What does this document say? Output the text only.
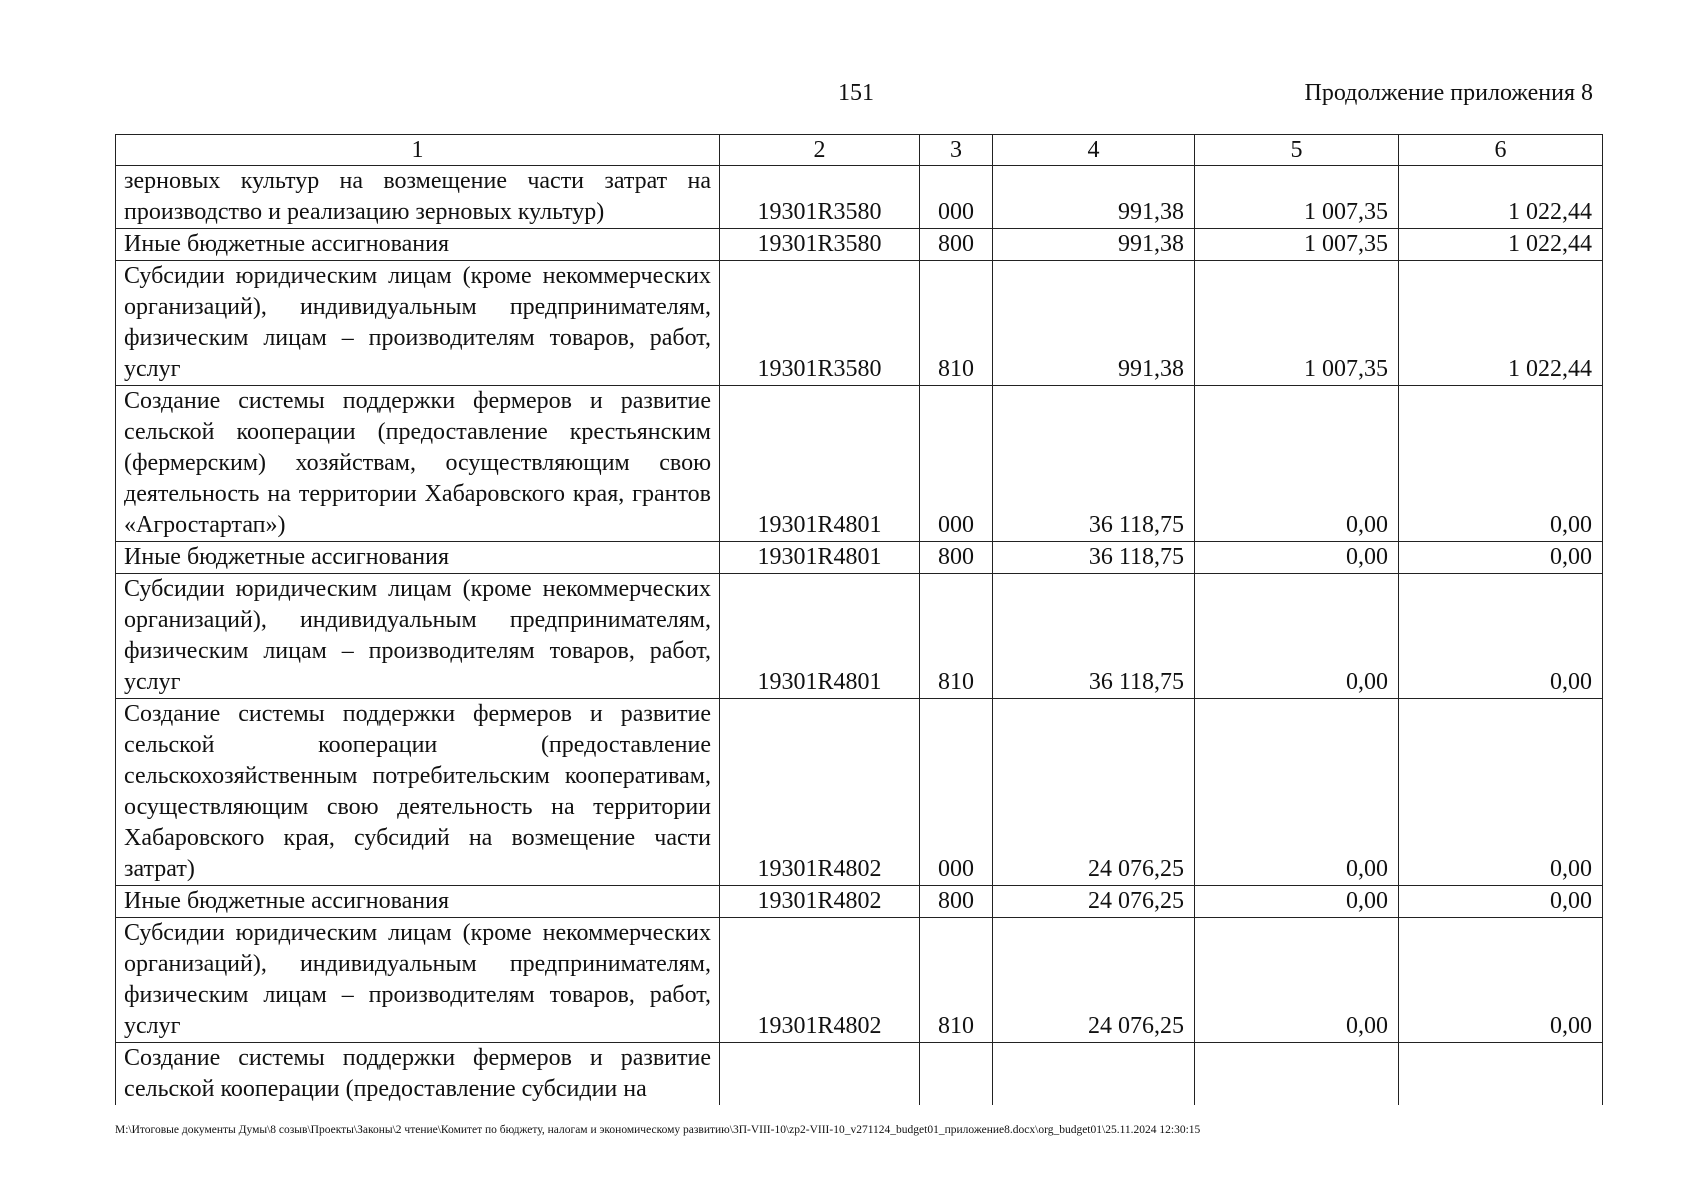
151	Продолжение приложения 8
1	2	3	4	5	6
зерновых культур на возмещение части затрат на производство и реализацию зерновых культур)	19301R3580	000	991,38	1 007,35	1 022,44
Иные бюджетные ассигнования	19301R3580	800	991,38	1 007,35	1 022,44
Субсидии юридическим лицам (кроме некоммерческих организаций), индивидуальным предпринимателям, физическим лицам – производителям товаров, работ, услуг	19301R3580	810	991,38	1 007,35	1 022,44
Создание системы поддержки фермеров и развитие сельской кооперации (предоставление крестьянским (фермерским) хозяйствам, осуществляющим свою деятельность на территории Хабаровского края, грантов «Агростартап»)	19301R4801	000	36 118,75	0,00	0,00
Иные бюджетные ассигнования	19301R4801	800	36 118,75	0,00	0,00
Субсидии юридическим лицам (кроме некоммерческих организаций), индивидуальным предпринимателям, физическим лицам – производителям товаров, работ, услуг	19301R4801	810	36 118,75	0,00	0,00
Создание системы поддержки фермеров и развитие сельской кооперации (предоставление сельскохозяйственным потребительским кооперативам, осуществляющим свою деятельность на территории Хабаровского края, субсидий на возмещение части затрат)	19301R4802	000	24 076,25	0,00	0,00
Иные бюджетные ассигнования	19301R4802	800	24 076,25	0,00	0,00
Субсидии юридическим лицам (кроме некоммерческих организаций), индивидуальным предпринимателям, физическим лицам – производителям товаров, работ, услуг	19301R4802	810	24 076,25	0,00	0,00
Создание системы поддержки фермеров и развитие сельской кооперации (предоставление субсидии на					
M:\Итоговые документы Думы\8 созыв\Проекты\Законы\2 чтение\Комитет по бюджету, налогам и экономическому развитию\3П-VIII-10\zp2-VIII-10_v271124_budget01_приложение8.docx\org_budget01\25.11.2024 12:30:15
